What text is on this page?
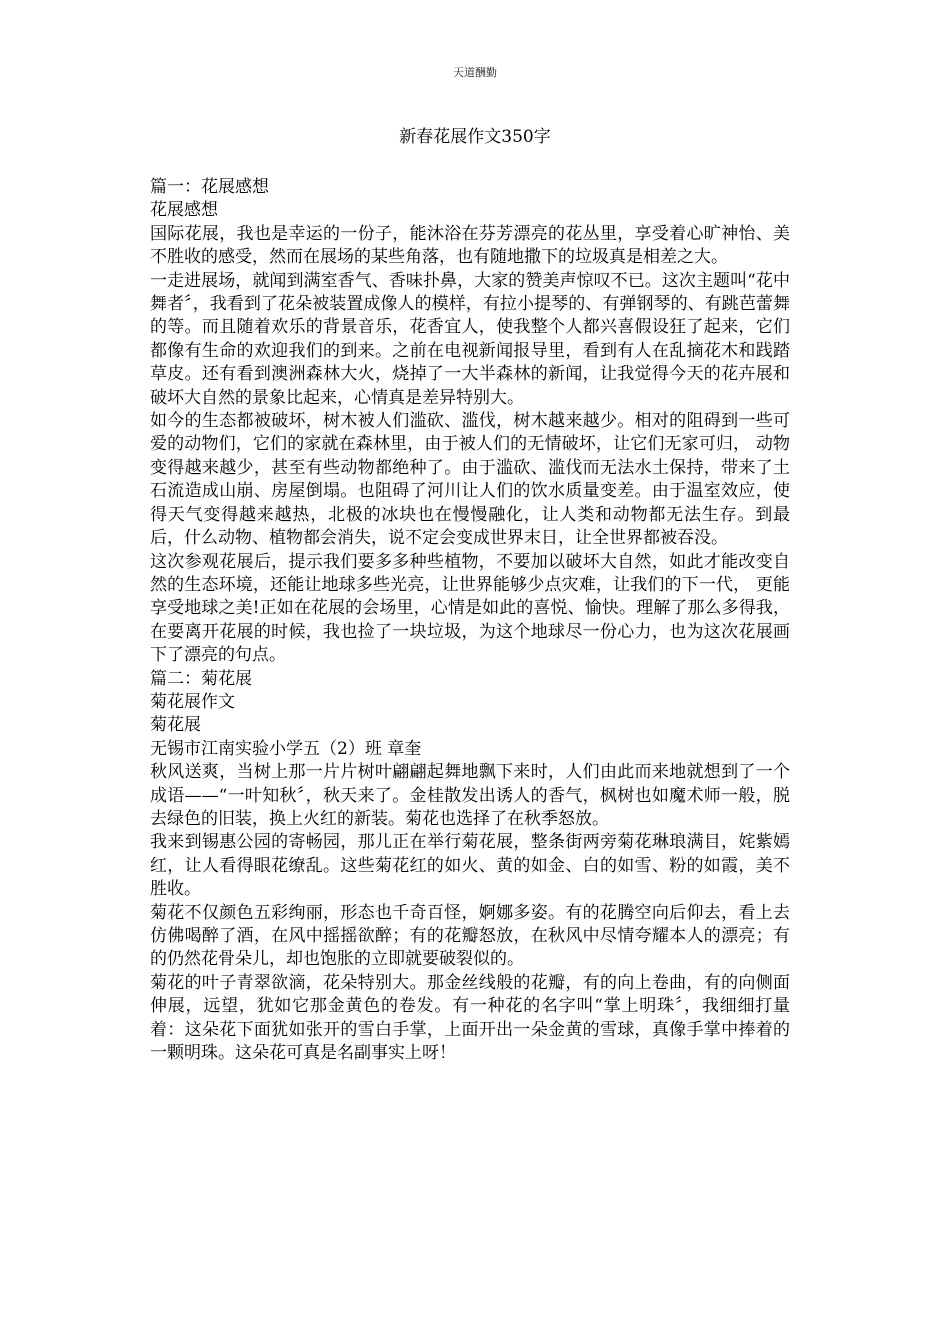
天道酬勤
新春花展作文350字

篇一：花展感想

花展感想

国际花展，我也是幸运的一份子，能沐浴在芬芳漂亮的花丛里，享受着心旷神怡、美不胜收的感受，然而在展场的某些角落，也有随地撒下的垃圾真是相差之大。

一走进展场，就闻到满室香气、香味扑鼻，大家的赞美声惊叹不已。这次主题叫“花中舞者〞，我看到了花朵被装置成像人的模样，有拉小提琴的、有弹钢琴的、有跳芭蕾舞的等。而且随着欢乐的背景音乐，花香宜人，使我整个人都兴喜假设狂了起来，它们都像有生命的欢迎我们的到来。之前在电视新闻报导里，看到有人在乱摘花木和践踏草皮。还有看到澳洲森林大火，烧掉了一大半森林的新闻，让我觉得今天的花卉展和破坏大自然的景象比起来，心情真是差异特别大。

如今的生态都被破坏，树木被人们滥砍、滥伐，树木越来越少。相对的阻碍到一些可爱的动物们，它们的家就在森林里，由于被人们的无情破坏，让它们无家可归， 动物变得越来越少，甚至有些动物都绝种了。由于滥砍、滥伐而无法水土保持，带来了土石流造成山崩、房屋倒塌。也阻碍了河川让人们的饮水质量变差。由于温室效应，使得天气变得越来越热，北极的冰块也在慢慢融化，让人类和动物都无法生存。到最后，什么动物、植物都会消失，说不定会变成世界末日，让全世界都被吞没。

这次参观花展后，提示我们要多多种些植物，不要加以破坏大自然，如此才能改变自然的生态环境，还能让地球多些光亮，让世界能够少点灾难，让我们的下一代， 更能享受地球之美!正如在花展的会场里，心情是如此的喜悦、愉快。理解了那么多得我，在要离开花展的时候，我也捡了一块垃圾，为这个地球尽一份心力，也为这次花展画下了漂亮的句点。

篇二：菊花展

菊花展作文

菊花展

无锡市江南实验小学五（2）班 章奎

秋风送爽，当树上那一片片树叶翩翩起舞地飘下来时，人们由此而来地就想到了一个成语——“一叶知秋〞，秋天来了。金桂散发出诱人的香气，枫树也如魔术师一般，脱去绿色的旧装，换上火红的新装。菊花也选择了在秋季怒放。

我来到锡惠公园的寄畅园，那儿正在举行菊花展，整条街两旁菊花琳琅满目，姹紫嫣红，让人看得眼花缭乱。这些菊花红的如火、黄的如金、白的如雪、粉的如霞，美不胜收。

菊花不仅颜色五彩绚丽，形态也千奇百怪，婀娜多姿。有的花腾空向后仰去，看上去仿佛喝醉了酒，在风中摇摇欲醉；有的花瓣怒放，在秋风中尽情夸耀本人的漂亮；有的仍然花骨朵儿，却也饱胀的立即就要破裂似的。

菊花的叶子青翠欲滴，花朵特别大。那金丝线般的花瓣，有的向上卷曲，有的向侧面伸展，远望，犹如它那金黄色的卷发。有一种花的名字叫“掌上明珠〞，我细细打量着：这朵花下面犹如张开的雪白手掌，上面开出一朵金黄的雪球，真像手掌中捧着的一颗明珠。这朵花可真是名副事实上呀！
